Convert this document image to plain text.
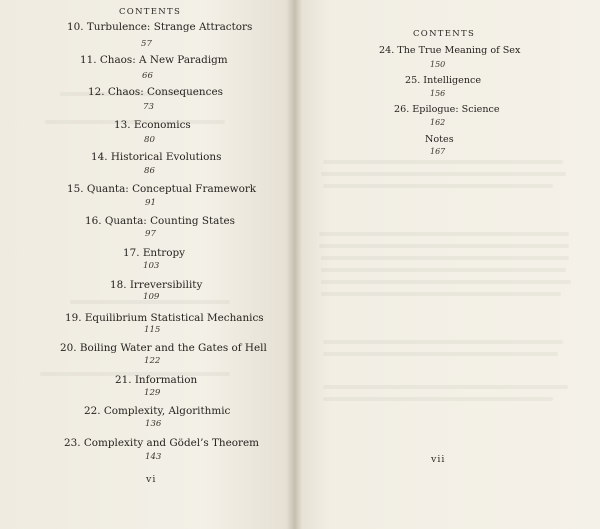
CONTENTS
10. Turbulence: Strange Attractors
57
11. Chaos: A New Paradigm
66
12. Chaos: Consequences
73
13. Economics
80
14. Historical Evolutions
86
15. Quanta: Conceptual Framework
91
16. Quanta: Counting States
97
17. Entropy
103
18. Irreversibility
109
19. Equilibrium Statistical Mechanics
115
20. Boiling Water and the Gates of Hell
122
21. Information
129
22. Complexity, Algorithmic
136
23. Complexity and Gödel’s Theorem
143
vi
CONTENTS
24. The True Meaning of Sex
150
25. Intelligence
156
26. Epilogue: Science
162
Notes
167
vii
